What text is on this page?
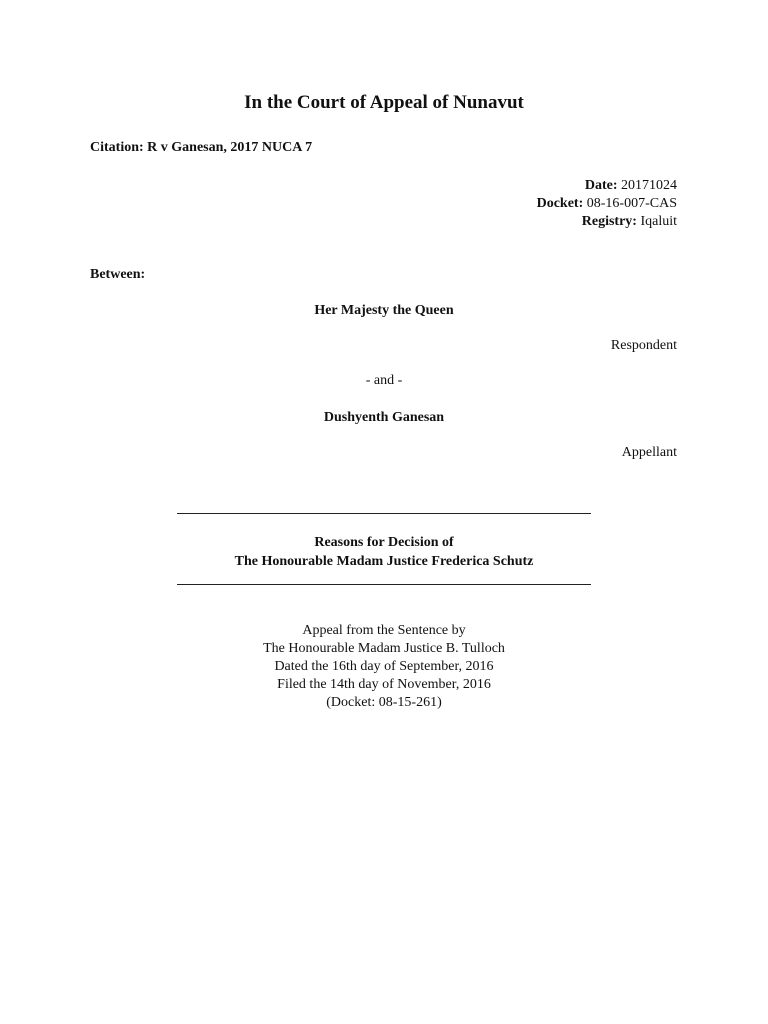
In the Court of Appeal of Nunavut
Citation: R v Ganesan, 2017 NUCA 7
Date: 20171024
Docket: 08-16-007-CAS
Registry: Iqaluit
Between:
Her Majesty the Queen
Respondent
- and -
Dushyenth Ganesan
Appellant
Reasons for Decision of
The Honourable Madam Justice Frederica Schutz
Appeal from the Sentence by
The Honourable Madam Justice B. Tulloch
Dated the 16th day of September, 2016
Filed the 14th day of November, 2016
(Docket: 08-15-261)
